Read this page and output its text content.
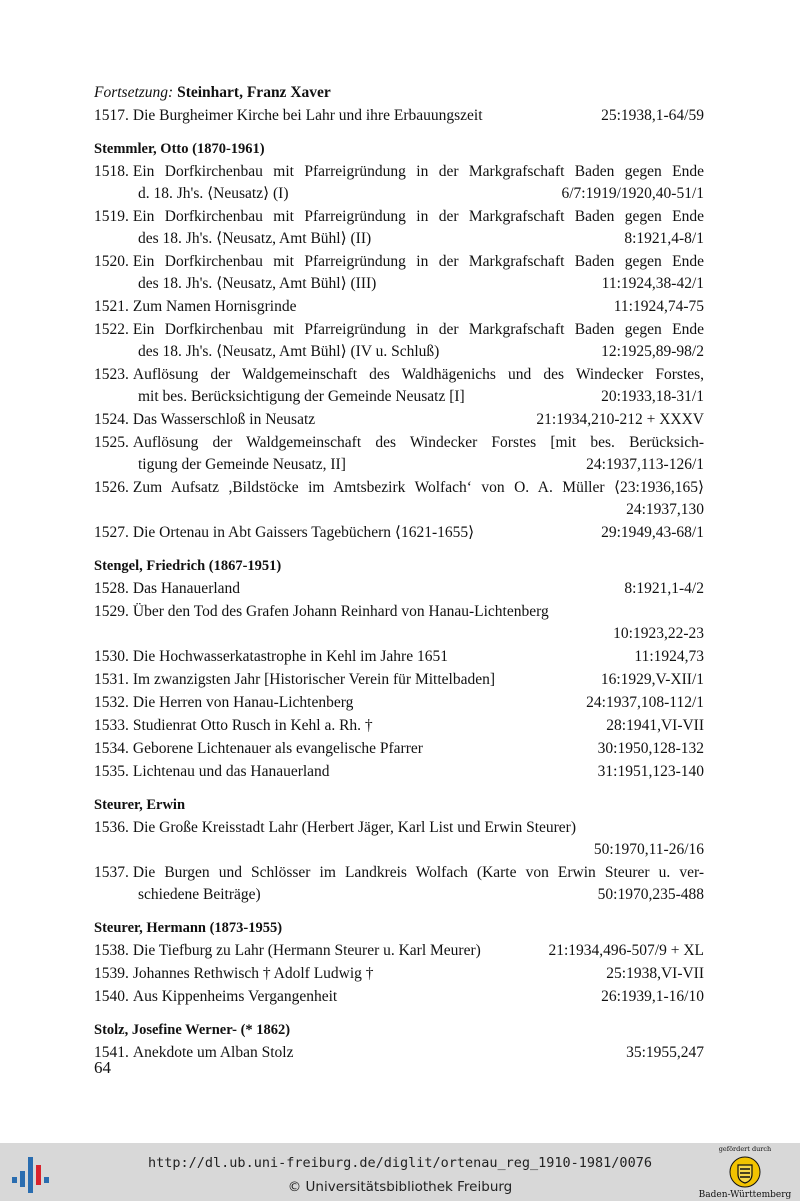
Fortsetzung: Steinhart, Franz Xaver
1517. Die Burgheimer Kirche bei Lahr und ihre Erbauungszeit	25:1938,1-64/59
Stemmler, Otto (1870-1961)
1518. Ein Dorfkirchenbau mit Pfarreigründung in der Markgrafschaft Baden gegen Ende
d. 18. Jh's. ⟨Neusatz⟩ (I)	6/7:1919/1920,40-51/1
1519. Ein Dorfkirchenbau mit Pfarreigründung in der Markgrafschaft Baden gegen Ende
des 18. Jh's. ⟨Neusatz, Amt Bühl⟩ (II)	8:1921,4-8/1
1520. Ein Dorfkirchenbau mit Pfarreigründung in der Markgrafschaft Baden gegen Ende
des 18. Jh's. ⟨Neusatz, Amt Bühl⟩ (III)	11:1924,38-42/1
1521. Zum Namen Hornisgrinde	11:1924,74-75
1522. Ein Dorfkirchenbau mit Pfarreigründung in der Markgrafschaft Baden gegen Ende
des 18. Jh's. ⟨Neusatz, Amt Bühl⟩ (IV u. Schluß)	12:1925,89-98/2
1523. Auflösung der Waldgemeinschaft des Waldhägenichs und des Windecker Forstes,
mit bes. Berücksichtigung der Gemeinde Neusatz [I]	20:1933,18-31/1
1524. Das Wasserschloß in Neusatz	21:1934,210-212 + XXXV
1525. Auflösung der Waldgemeinschaft des Windecker Forstes [mit bes. Berücksich-
tigung der Gemeinde Neusatz, II]	24:1937,113-126/1
1526. Zum Aufsatz ,Bildstöcke im Amtsbezirk Wolfach‘ von O. A. Müller ⟨23:1936,165⟩
24:1937,130
1527. Die Ortenau in Abt Gaissers Tagebüchern ⟨1621-1655⟩	29:1949,43-68/1
Stengel, Friedrich (1867-1951)
1528. Das Hanauerland	8:1921,1-4/2
1529. Über den Tod des Grafen Johann Reinhard von Hanau-Lichtenberg
10:1923,22-23
1530. Die Hochwasserkatastrophe in Kehl im Jahre 1651	11:1924,73
1531. Im zwanzigsten Jahr [Historischer Verein für Mittelbaden]	16:1929,V-XII/1
1532. Die Herren von Hanau-Lichtenberg	24:1937,108-112/1
1533. Studienrat Otto Rusch in Kehl a. Rh. †	28:1941,VI-VII
1534. Geborene Lichtenauer als evangelische Pfarrer	30:1950,128-132
1535. Lichtenau und das Hanauerland	31:1951,123-140
Steurer, Erwin
1536. Die Große Kreisstadt Lahr (Herbert Jäger, Karl List und Erwin Steurer)
50:1970,11-26/16
1537. Die Burgen und Schlösser im Landkreis Wolfach (Karte von Erwin Steurer u. ver-
schiedene Beiträge)	50:1970,235-488
Steurer, Hermann (1873-1955)
1538. Die Tiefburg zu Lahr (Hermann Steurer u. Karl Meurer)	21:1934,496-507/9 + XL
1539. Johannes Rethwisch † Adolf Ludwig †	25:1938,VI-VII
1540. Aus Kippenheims Vergangenheit	26:1939,1-16/10
Stolz, Josefine Werner- (* 1862)
1541. Anekdote um Alban Stolz	35:1955,247
64
http://dl.ub.uni-freiburg.de/diglit/ortenau_reg_1910-1981/0076
© Universitätsbibliothek Freiburg
gefördert durch
Baden-Württemberg
